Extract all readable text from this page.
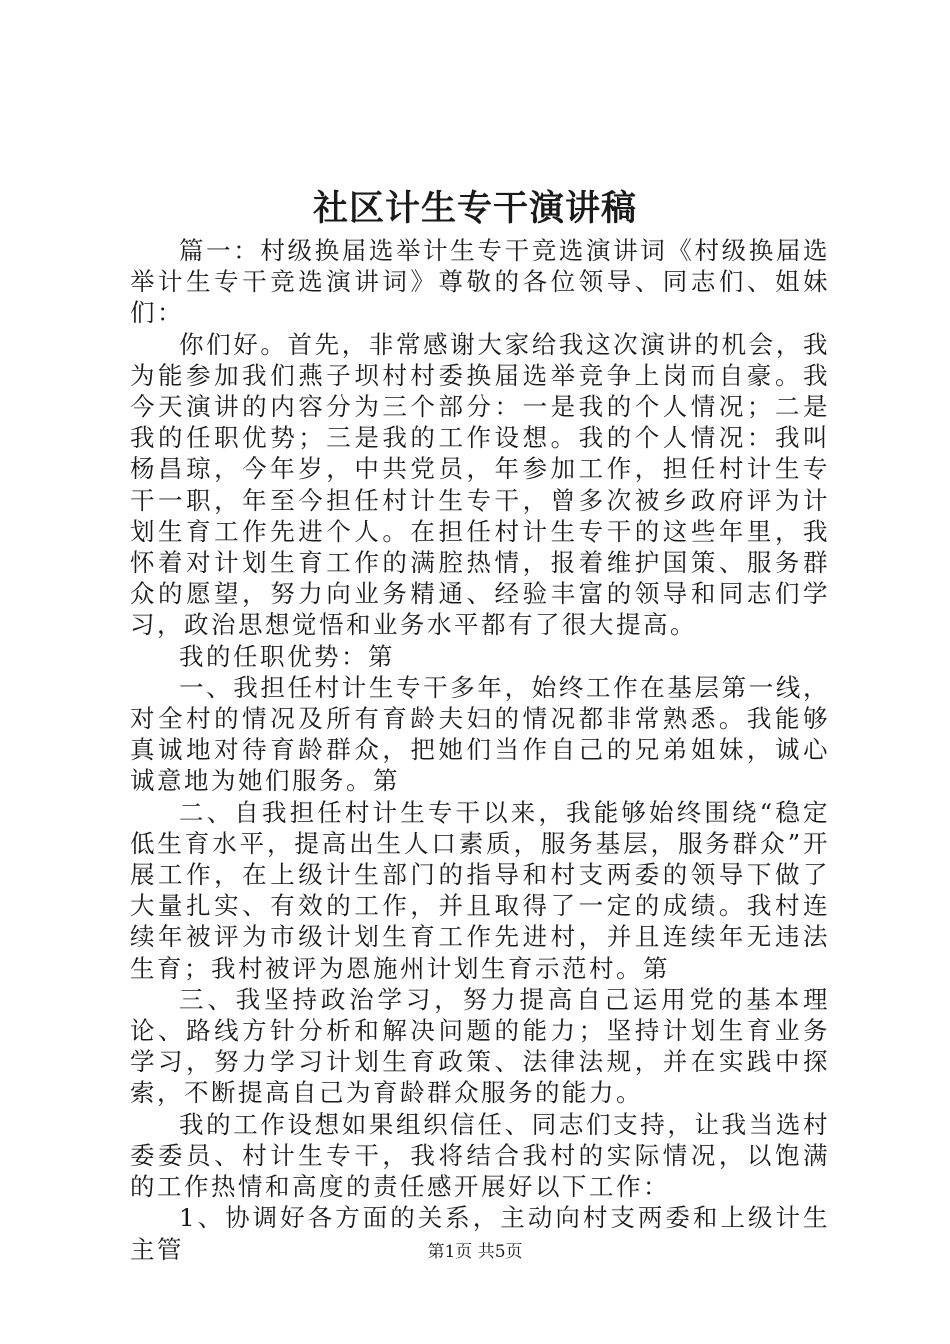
社区计生专干演讲稿

篇一：村级换届选举计生专干竞选演讲词《村级换届选举计生专干竞选演讲词》尊敬的各位领导、同志们、姐妹们：

你们好。首先，非常感谢大家给我这次演讲的机会，我为能参加我们燕子坝村村委换届选举竞争上岗而自豪。我今天演讲的内容分为三个部分：一是我的个人情况；二是我的任职优势；三是我的工作设想。我的个人情况：我叫杨昌琼，今年岁，中共党员，年参加工作，担任村计生专干一职，年至今担任村计生专干，曾多次被乡政府评为计划生育工作先进个人。在担任村计生专干的这些年里，我怀着对计划生育工作的满腔热情，报着维护国策、服务群众的愿望，努力向业务精通、经验丰富的领导和同志们学习，政治思想觉悟和业务水平都有了很大提高。

我的任职优势：第

一、我担任村计生专干多年，始终工作在基层第一线，对全村的情况及所有育龄夫妇的情况都非常熟悉。我能够真诚地对待育龄群众，把她们当作自己的兄弟姐妹，诚心诚意地为她们服务。第

二、自我担任村计生专干以来，我能够始终围绕“稳定低生育水平，提高出生人口素质，服务基层，服务群众”开展工作，在上级计生部门的指导和村支两委的领导下做了大量扎实、有效的工作，并且取得了一定的成绩。我村连续年被评为市级计划生育工作先进村，并且连续年无违法生育；我村被评为恩施州计划生育示范村。第

三、我坚持政治学习，努力提高自己运用党的基本理论、路线方针分析和解决问题的能力；坚持计划生育业务学习，努力学习计划生育政策、法律法规，并在实践中探索，不断提高自己为育龄群众服务的能力。

我的工作设想如果组织信任、同志们支持，让我当选村委委员、村计生专干，我将结合我村的实际情况，以饱满的工作热情和高度的责任感开展好以下工作：

1、协调好各方面的关系，主动向村支两委和上级计生主管	第1页 共5页
